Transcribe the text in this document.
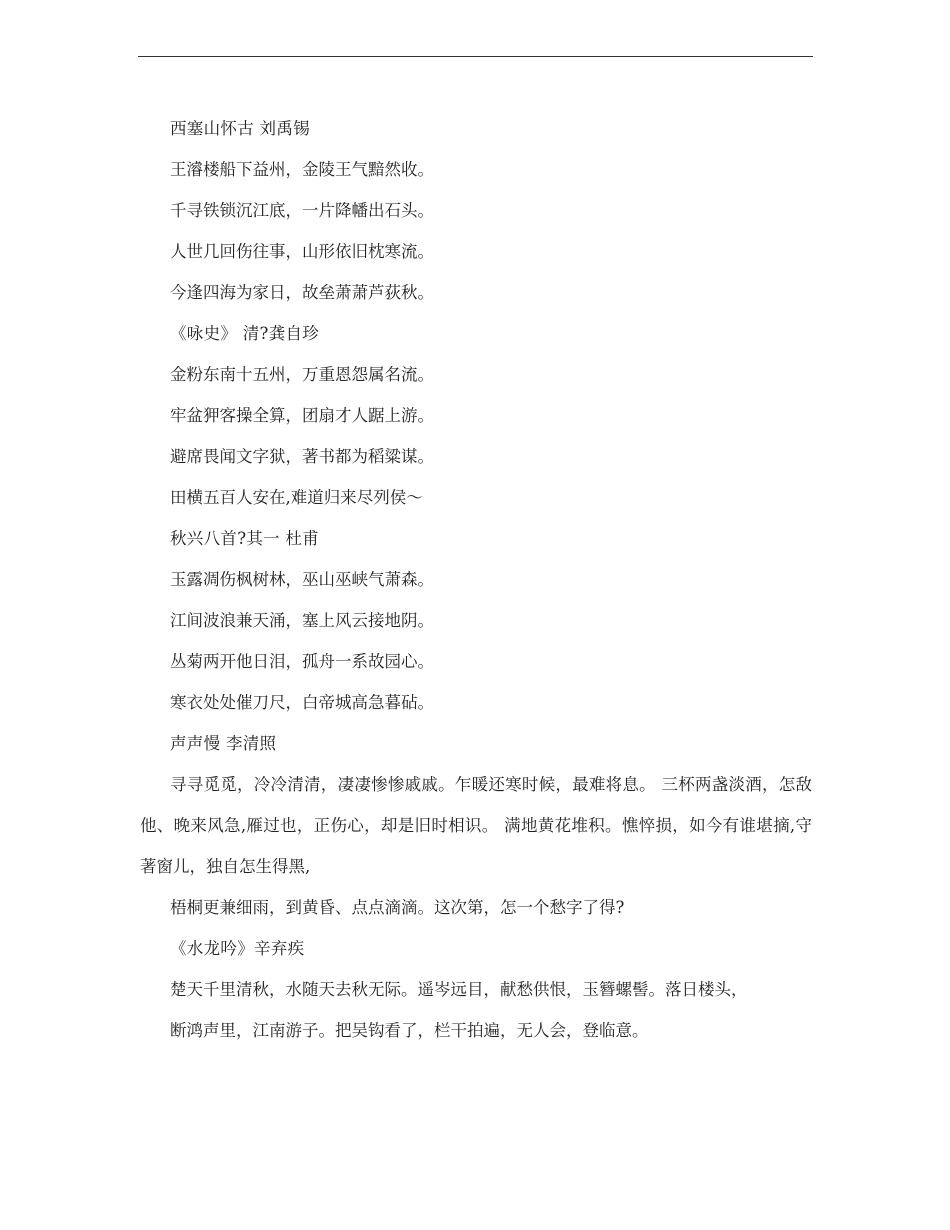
西塞山怀古 刘禹锡

王濬楼船下益州，金陵王气黯然收。

千寻铁锁沉江底，一片降幡出石头。

人世几回伤往事，山形依旧枕寒流。

今逢四海为家日，故垒萧萧芦荻秋。

《咏史》 清?龚自珍

金粉东南十五州，万重恩怨属名流。

牢盆狎客操全算，团扇才人踞上游。

避席畏闻文字狱，著书都为稻粱谋。

田横五百人安在,难道归来尽列侯～

秋兴八首?其一 杜甫

玉露凋伤枫树林，巫山巫峡气萧森。

江间波浪兼天涌，塞上风云接地阴。

丛菊两开他日泪，孤舟一系故园心。

寒衣处处催刀尺，白帝城高急暮砧。

声声慢 李清照

寻寻觅觅，冷冷清清，凄凄惨惨戚戚。乍暖还寒时候，最难将息。 三杯两盏淡酒，怎敌他、晚来风急,雁过也，正伤心，却是旧时相识。 满地黄花堆积。憔悴损，如今有谁堪摘,守著窗儿，独自怎生得黑,

梧桐更兼细雨，到黄昏、点点滴滴。这次第，怎一个愁字了得?

《水龙吟》辛弃疾

楚天千里清秋，水随天去秋无际。遥岑远目，献愁供恨，玉簪螺髻。落日楼头，

断鸿声里，江南游子。把吴钩看了，栏干拍遍，无人会，登临意。
